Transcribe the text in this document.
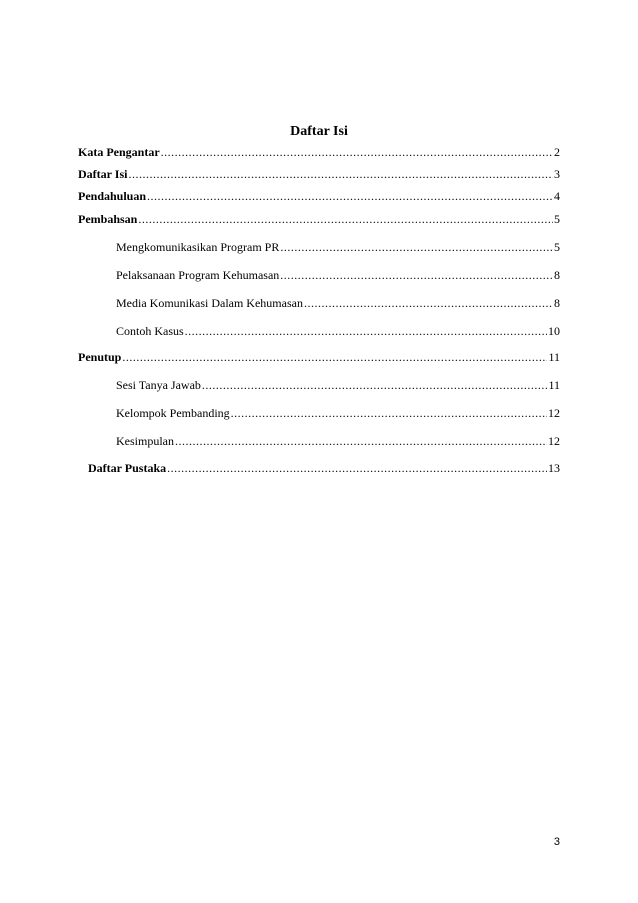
Daftar Isi
Kata Pengantar .....	2
Daftar Isi .....	3
Pendahuluan .....	4
Pembahsan .....	5
Mengkomunikasikan Program PR .....	5
Pelaksanaan Program Kehumasan .....	8
Media Komunikasi Dalam Kehumasan .....	8
Contoh Kasus .....	10
Penutup .....	11
Sesi Tanya Jawab .....	11
Kelompok Pembanding .....	12
Kesimpulan .....	12
Daftar Pustaka .....	13
3
